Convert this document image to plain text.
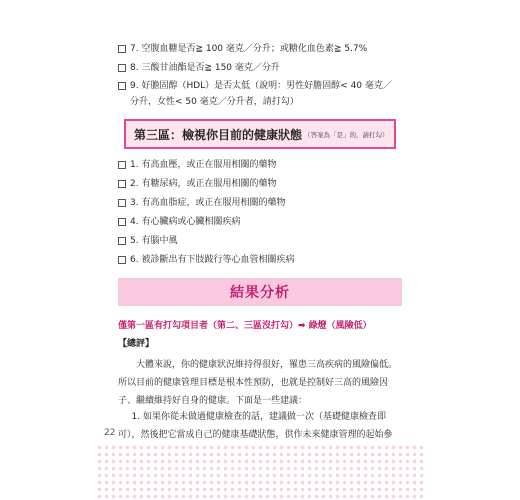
7. 空腹血糖是否≧ 100 毫克／分升；或糖化血色素≧ 5.7%
8. 三酸甘油酯是否≧ 150 毫克／分升
9. 好膽固醇（HDL）是否太低（說明：男性好膽固醇< 40 毫克／
分升，女性< 50 毫克／分升者，請打勾）
第三區：檢視你目前的健康狀態 （答案為「是」的，請打勾）
1. 有高血壓，或正在服用相關的藥物
2. 有糖尿病，或正在服用相關的藥物
3. 有高血脂症，或正在服用相關的藥物
4. 有心臟病或心臟相關疾病
5. 有腦中風
6. 被診斷出有下肢跛行等心血管相關疾病
結果分析
僅第一區有打勾項目者（第二、三區沒打勾）➡ 綠燈（風險低）
【總評】
大體來說，你的健康狀況維持得很好，罹患三高疾病的風險偏低。所以目前的健康管理目標是根本性預防，也就是控制好三高的風險因子、繼續維持好自身的健康。下面是一些建議：
1. 如果你從未做過健康檢查的話，建議做一次（基礎健康檢查即可），然後把它當成自己的健康基礎狀態，供作未來健康管理的起始參
22
